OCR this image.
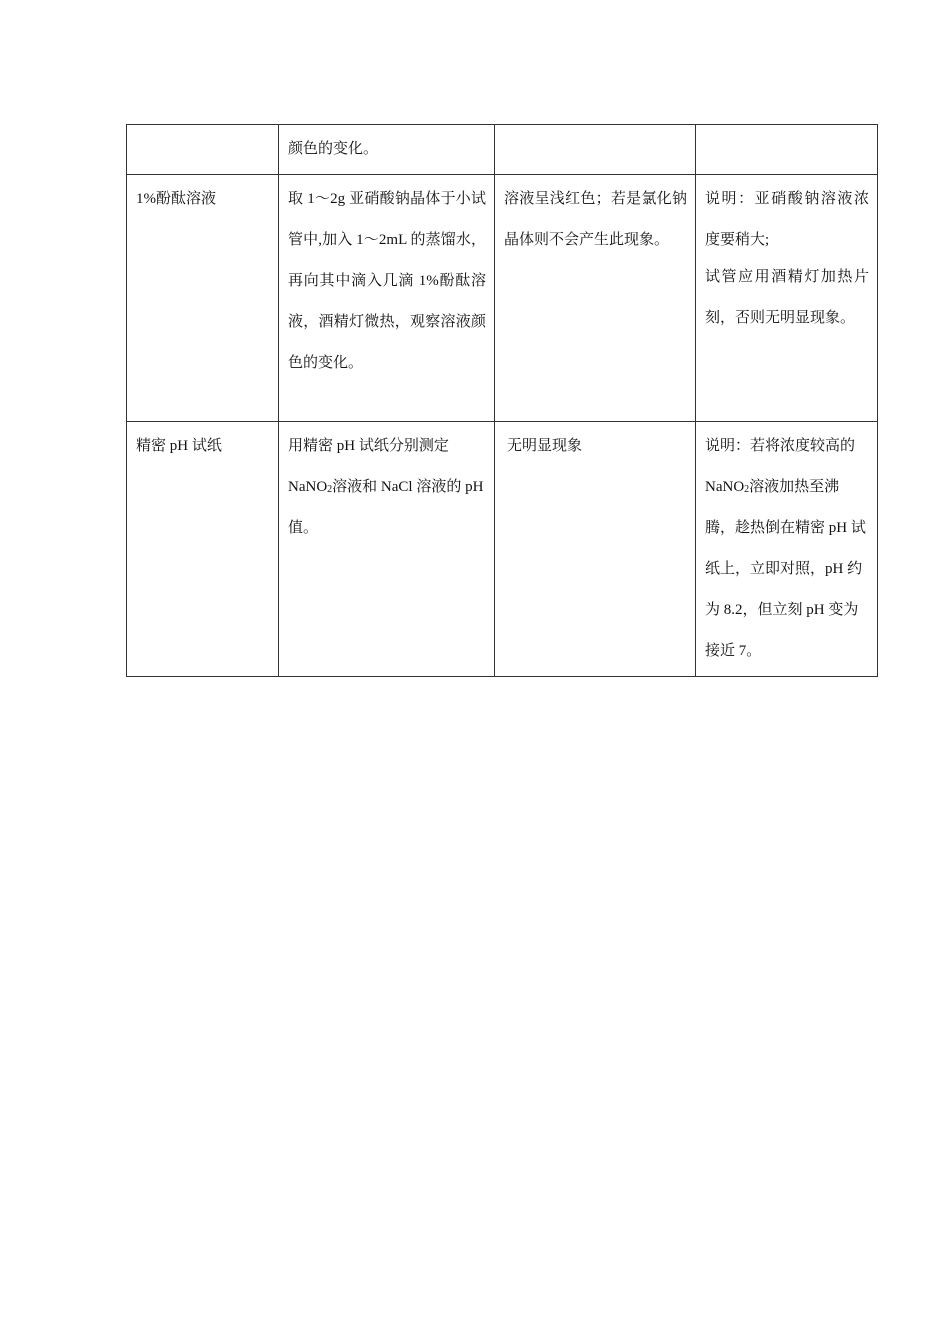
	颜色的变化。		
1%酚酞溶液	取 1～2g 亚硝酸钠晶体于小试管中,加入 1～2mL 的蒸馏水，再向其中滴入几滴 1%酚酞溶液，酒精灯微热，观察溶液颜色的变化。	溶液呈浅红色；若是氯化钠晶体则不会产生此现象。	说明：亚硝酸钠溶液浓度要稍大;
试管应用酒精灯加热片刻，否则无明显现象。

精密 pH 试纸	用精密 pH 试纸分别测定 NaNO$_2$溶液和 NaCl 溶液的 pH 值。	无明显现象	说明：若将浓度较高的 NaNO$_2$溶液加热至沸腾，趁热倒在精密 pH 试纸上，立即对照，pH 约为 8.2，但立刻 pH 变为接近 7。
